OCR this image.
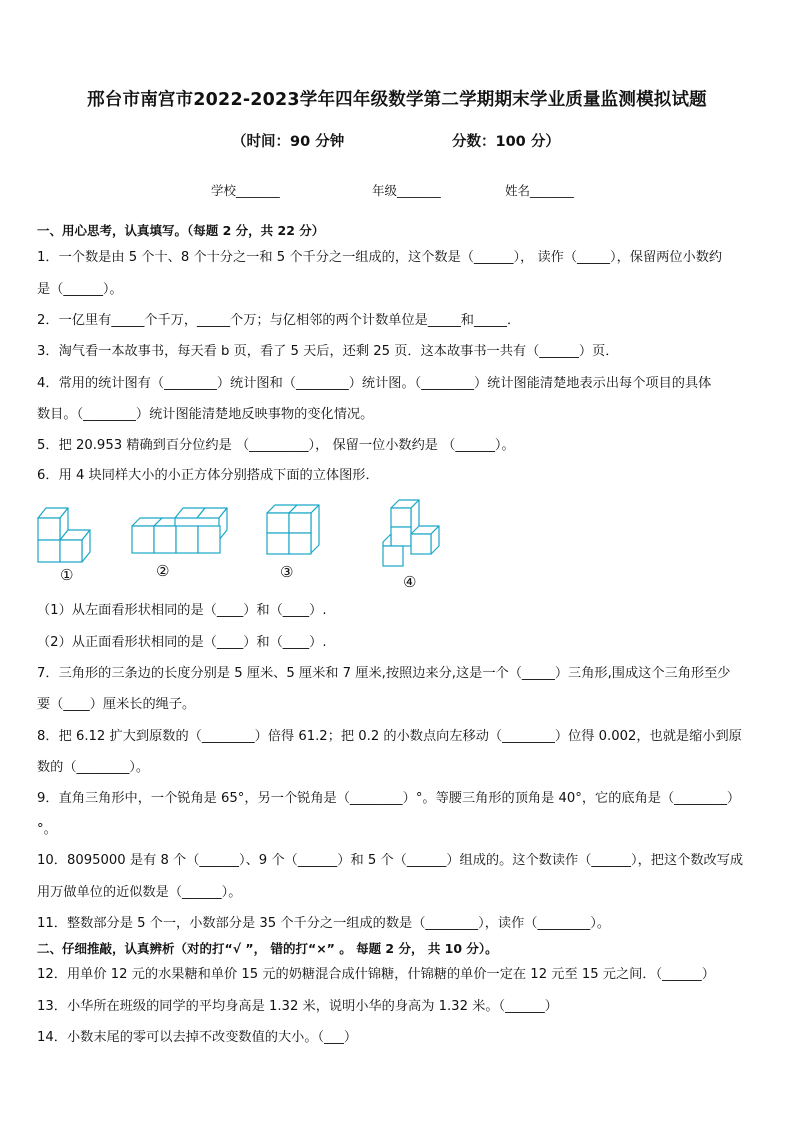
邢台市南宫市2022-2023学年四年级数学第二学期期末学业质量监测模拟试题
（时间：90 分钟	分数：100 分）
学校_______	年级_______	姓名_______
一、用心思考，认真填写。（每题 2 分，共 22 分）
1．一个数是由 5 个十、8 个十分之一和 5 个千分之一组成的，这个数是（______）， 读作（_____），保留两位小数约
是（______）。
2．一亿里有_____个千万，_____个万；与亿相邻的两个计数单位是_____和_____．
3．淘气看一本故事书，每天看 b 页，看了 5 天后，还剩 25 页．这本故事书一共有（______）页．
4．常用的统计图有（________）统计图和（________）统计图。（________）统计图能清楚地表示出每个项目的具体
数目。（________）统计图能清楚地反映事物的变化情况。
5．把 20.953 精确到百分位约是 （_________）， 保留一位小数约是 （______）。
6．用 4 块同样大小的小正方体分别搭成下面的立体图形．
①	②	③
④
（1）从左面看形状相同的是（____）和（____）.
（2）从正面看形状相同的是（____）和（____）.
7．三角形的三条边的长度分别是 5 厘米、5 厘米和 7 厘米,按照边来分,这是一个（_____）三角形,围成这个三角形至少
要（____）厘米长的绳子。
8．把 6.12 扩大到原数的（________）倍得 61.2；把 0.2 的小数点向左移动（________）位得 0.002，也就是缩小到原
数的（________）。
9．直角三角形中，一个锐角是 65°，另一个锐角是（________）°。等腰三角形的顶角是 40°，它的底角是（________）
°。
10．8095000 是有 8 个（______）、9 个（______）和 5 个（______）组成的。这个数读作（______），把这个数改写成
用万做单位的近似数是（______）。
11．整数部分是 5 个一，小数部分是 35 个千分之一组成的数是（________），读作（________）。
二、仔细推敲，认真辨析（对的打“√ ”， 错的打“×” 。 每题 2 分， 共 10 分）。
12．用单价 12 元的水果糖和单价 15 元的奶糖混合成什锦糖，什锦糖的单价一定在 12 元至 15 元之间．（______）
13．小华所在班级的同学的平均身高是 1.32 米，说明小华的身高为 1.32 米。（______）
14．小数末尾的零可以去掉不改变数值的大小。（___）
